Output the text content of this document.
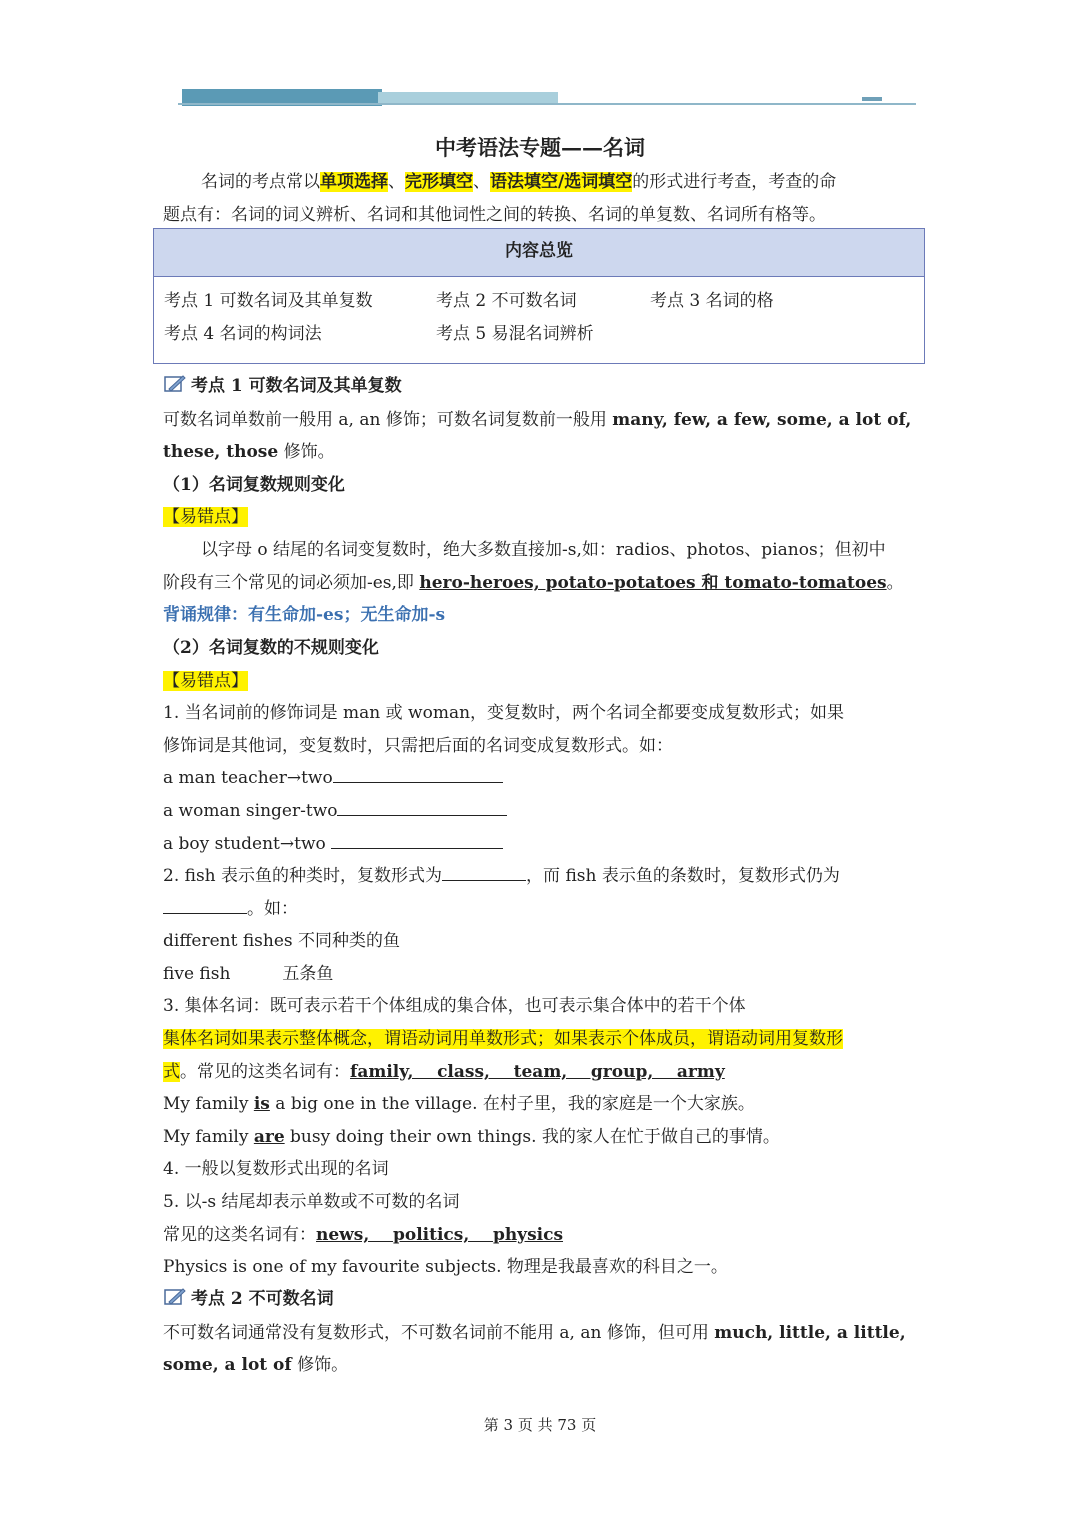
中考语法专题——名词
名词的考点常以单项选择、完形填空、语法填空/选词填空的形式进行考查，考查的命
题点有：名词的词义辨析、名词和其他词性之间的转换、名词的单复数、名词所有格等。
内容总览
考点 1 可数名词及其单复数	考点 2 不可数名词	考点 3 名词的格
考点 4 名词的构词法	考点 5 易混名词辨析
考点 1 可数名词及其单复数
可数名词单数前一般用 a, an 修饰；可数名词复数前一般用 many, few, a few, some, a lot of,
these, those 修饰。
（1）名词复数规则变化
【易错点】
以字母 o 结尾的名词变复数时，绝大多数直接加-s,如：radios、photos、pianos；但初中
阶段有三个常见的词必须加-es,即 hero-heroes, potato-potatoes 和 tomato-tomatoes。
背诵规律：有生命加-es；无生命加-s
（2）名词复数的不规则变化
【易错点】
1. 当名词前的修饰词是 man 或 woman，变复数时，两个名词全都要变成复数形式；如果
修饰词是其他词，变复数时，只需把后面的名词变成复数形式。如：
a man teacher→two
a woman singer-two
a boy student→two
2. fish 表示鱼的种类时，复数形式为	，而 fish 表示鱼的条数时，复数形式仍为
。如：
different fishes 不同种类的鱼
five fish	五条鱼
3. 集体名词：既可表示若干个体组成的集合体，也可表示集合体中的若干个体
集体名词如果表示整体概念，谓语动词用单数形式；如果表示个体成员，谓语动词用复数形
式。常见的这类名词有：family,    class,    team,    group,    army
My family is a big one in the village. 在村子里，我的家庭是一个大家族。
My family are busy doing their own things. 我的家人在忙于做自己的事情。
4. 一般以复数形式出现的名词
5. 以-s 结尾却表示单数或不可数的名词
常见的这类名词有：news,    politics,    physics
Physics is one of my favourite subjects. 物理是我最喜欢的科目之一。
考点 2 不可数名词
不可数名词通常没有复数形式，不可数名词前不能用 a, an 修饰，但可用 much, little, a little,
some, a lot of 修饰。
第 3 页 共 73 页
